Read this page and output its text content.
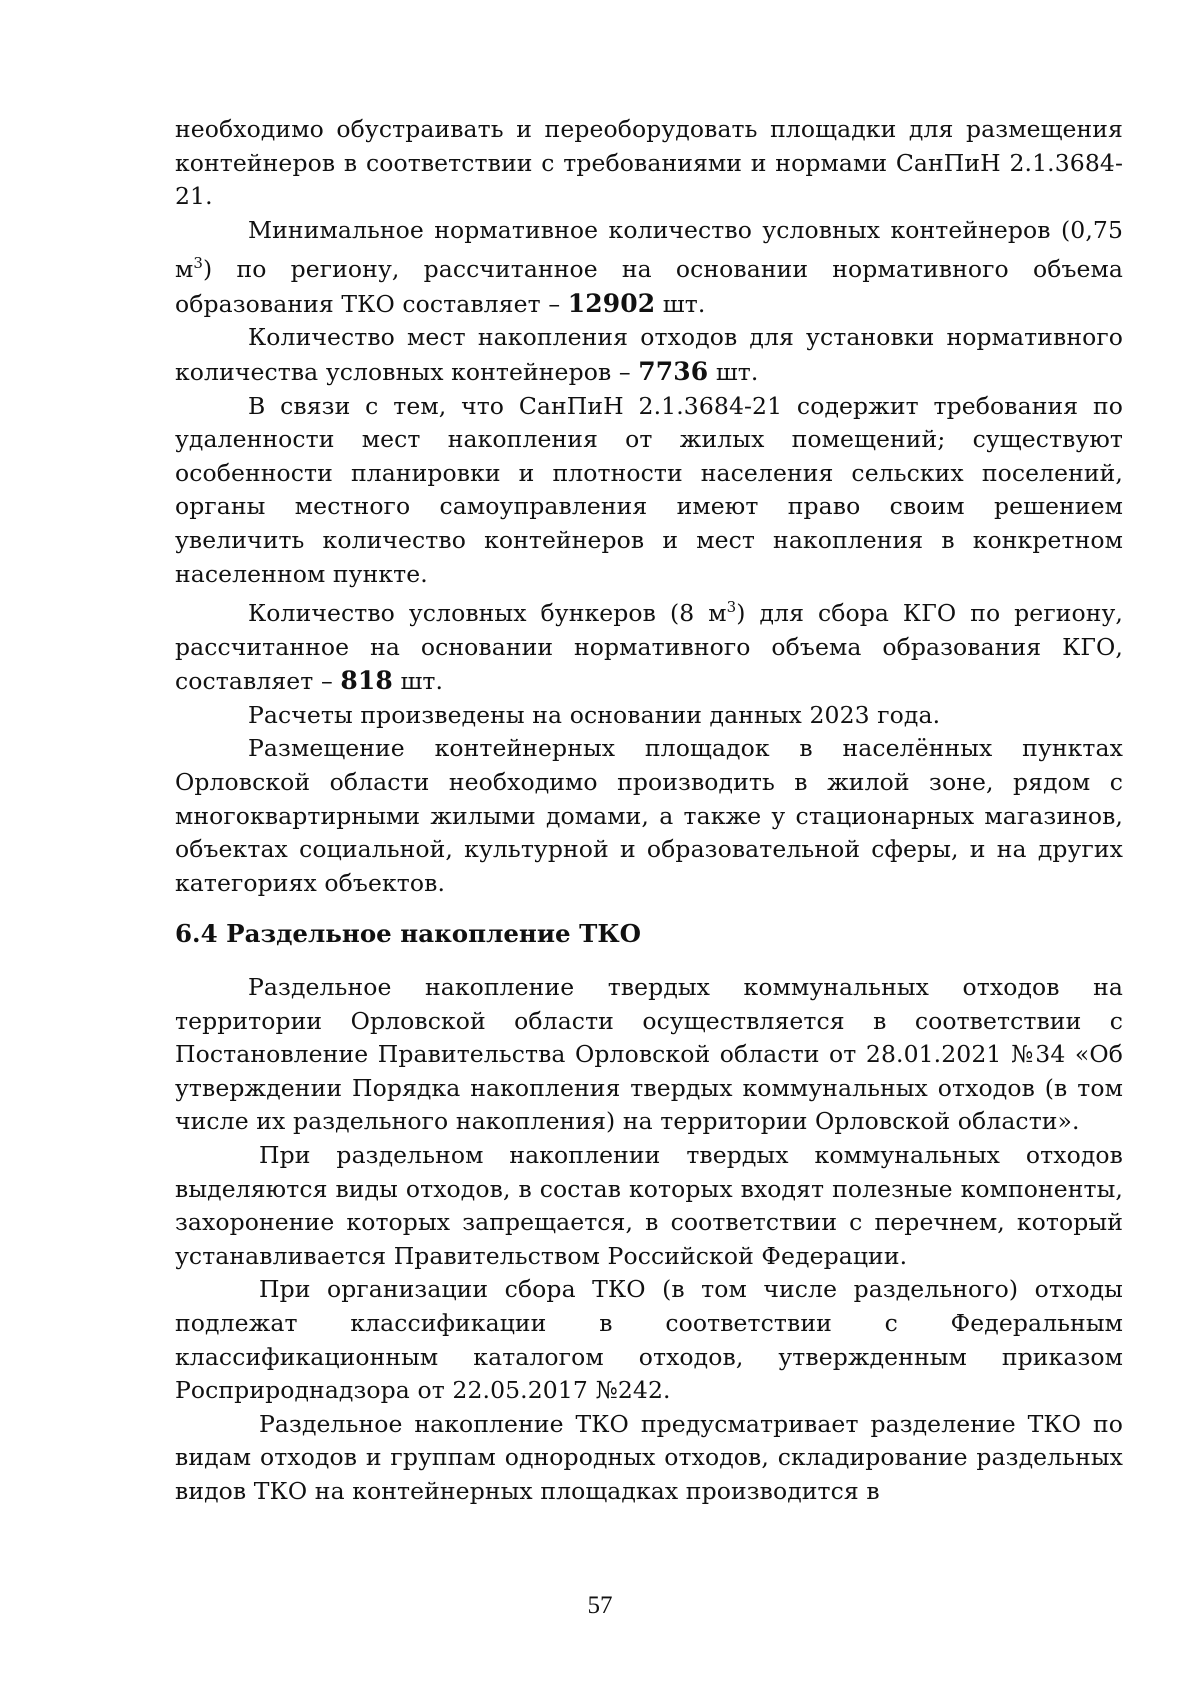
необходимо обустраивать и переоборудовать площадки для размещения контейнеров в соответствии с требованиями и нормами СанПиН 2.1.3684-21.

Минимальное нормативное количество условных контейнеров (0,75 $м^3$) по региону, рассчитанное на основании нормативного объема образования ТКО составляет – 12902 шт.

Количество мест накопления отходов для установки нормативного количества условных контейнеров – 7736 шт.

В связи с тем, что СанПиН 2.1.3684-21 содержит требования по удаленности мест накопления от жилых помещений; существуют особенности планировки и плотности населения сельских поселений, органы местного самоуправления имеют право своим решением увеличить количество контейнеров и мест накопления в конкретном населенном пункте.

Количество условных бункеров (8 $м^3$) для сбора КГО по региону, рассчитанное на основании нормативного объема образования КГО, составляет – 818 шт.

Расчеты произведены на основании данных 2023 года.

Размещение контейнерных площадок в населённых пунктах Орловской области необходимо производить в жилой зоне, рядом с многоквартирными жилыми домами, а также у стационарных магазинов, объектах социальной, культурной и образовательной сферы, и на других категориях объектов.

6.4 Раздельное накопление ТКО

Раздельное накопление твердых коммунальных отходов на территории Орловской области осуществляется в соответствии с Постановление Правительства Орловской области от 28.01.2021 №34 «Об утверждении Порядка накопления твердых коммунальных отходов (в том числе их раздельного накопления) на территории Орловской области».

При раздельном накоплении твердых коммунальных отходов выделяются виды отходов, в состав которых входят полезные компоненты, захоронение которых запрещается, в соответствии с перечнем, который устанавливается Правительством Российской Федерации.

При организации сбора ТКО (в том числе раздельного) отходы подлежат классификации в соответствии с Федеральным классификационным каталогом отходов, утвержденным приказом Росприроднадзора от 22.05.2017 №242.

Раздельное накопление ТКО предусматривает разделение ТКО по видам отходов и группам однородных отходов, складирование раздельных видов ТКО на контейнерных площадках производится в

57
